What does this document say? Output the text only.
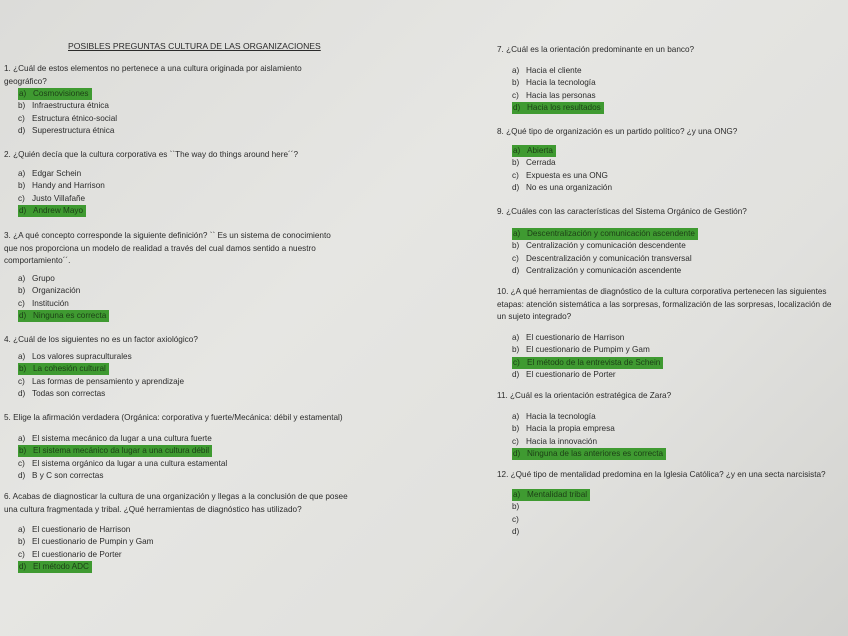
POSIBLES PREGUNTAS CULTURA DE LAS ORGANIZACIONES
1. ¿Cuál de estos elementos no pertenece a una cultura originada por aislamiento
geográfico?
a) Cosmovisiones
b) Infraestructura étnica
c) Estructura étnico-social
d) Superestructura étnica
2. ¿Quién decía que la cultura corporativa es ``The way do things around here´´?
a) Edgar Schein
b) Handy and Harrison
c) Justo Villafañe
d) Andrew Mayo
3. ¿A qué concepto corresponde la siguiente definición? `` Es un sistema de conocimiento
que nos proporciona un modelo de realidad a través del cual damos sentido a nuestro
comportamiento´´.
a) Grupo
b) Organización
c) Institución
d) Ninguna es correcta
4. ¿Cuál de los siguientes no es un factor axiológico?
a) Los valores supraculturales
b) La cohesión cultural
c) Las formas de pensamiento y aprendizaje
d) Todas son correctas
5. Elige la afirmación verdadera (Orgánica: corporativa y fuerte/Mecánica: débil y estamental)
a) El sistema mecánico da lugar a una cultura fuerte
b) El sistema mecánico da lugar a una cultura débil
c) El sistema orgánico da lugar a una cultura estamental
d) B y C son correctas
6. Acabas de diagnosticar la cultura de una organización y llegas a la conclusión de que posee
una cultura fragmentada y tribal. ¿Qué herramientas de diagnóstico has utilizado?
a) El cuestionario de Harrison
b) El cuestionario de Pumpin y Gam
c) El cuestionario de Porter
d) El método ADC
7. ¿Cuál es la orientación predominante en un banco?
a) Hacia el cliente
b) Hacia la tecnología
c) Hacia las personas
d) Hacia los resultados
8. ¿Qué tipo de organización es un partido político? ¿y una ONG?
a) Abierta
b) Cerrada
c) Expuesta es una ONG
d) No es una organización
9. ¿Cuáles con las características del Sistema Orgánico de Gestión?
a) Descentralización y comunicación ascendente
b) Centralización y comunicación descendente
c) Descentralización y comunicación transversal
d) Centralización y comunicación ascendente
10. ¿A qué herramientas de diagnóstico de la cultura corporativa pertenecen las siguientes
etapas: atención sistemática a las sorpresas, formalización de las sorpresas, localización de
un sujeto integrado?
a) El cuestionario de Harrison
b) El cuestionario de Pumpim y Gam
c) El método de la entrevista de Schein
d) El cuestionario de Porter
11. ¿Cuál es la orientación estratégica de Zara?
a) Hacia la tecnología
b) Hacia la propia empresa
c) Hacia la innovación
d) Ninguna de las anteriores es correcta
12. ¿Qué tipo de mentalidad predomina en la Iglesia Católica? ¿y en una secta narcisista?
a) Mentalidad tribal
b)
c)
d)
